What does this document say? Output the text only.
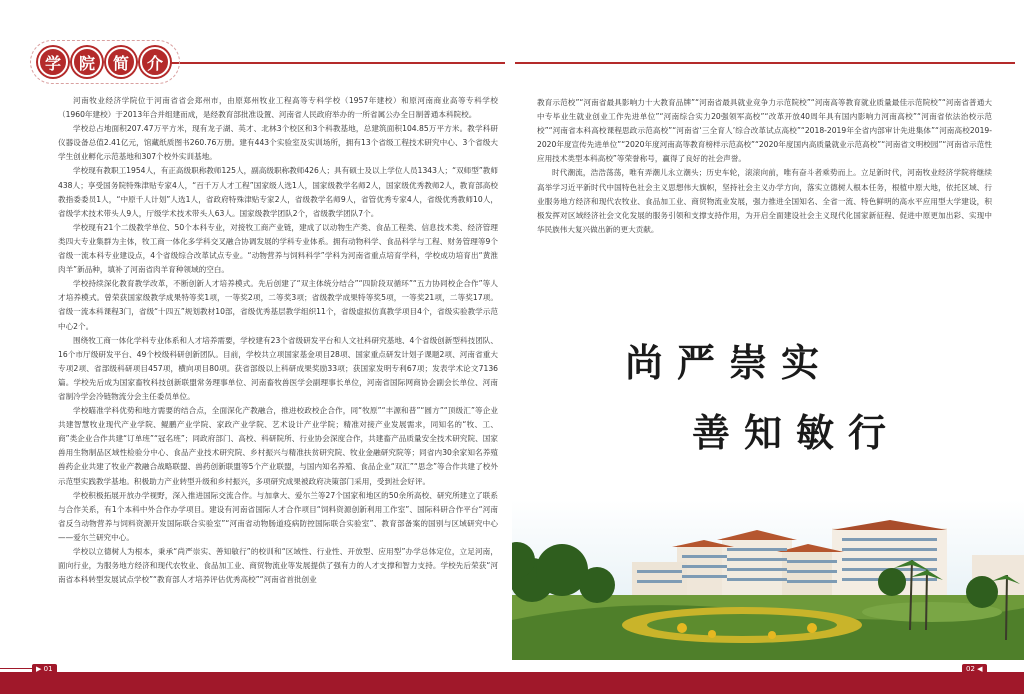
学	院	简	介

河南牧业经济学院位于河南省省会郑州市，由原郑州牧业工程高等专科学校（1957年建校）和原河南商业高等专科学校（1960年建校）于2013年合并组建而成，是经教育部批准设置、河南省人民政府举办的一所省属公办全日制普通本科院校。

学校总占地面积207.47万平方米，现有龙子湖、英才、北林3个校区和3个科教基地，总建筑面积104.85万平方米。教学科研仪器设备总值2.41亿元，馆藏纸质图书260.76万册。建有443个实验室及实训场所，拥有13个省级工程技术研究中心、3个省级大学生创业孵化示范基地和307个校外实训基地。

学校现有教职工1954人，有正高级职称教师125人，副高级职称教师426人；具有硕士及以上学位人员1343人；“双师型”教师438人；享受国务院特殊津贴专家4人，“百千万人才工程”国家级人选1人，国家级教学名师2人，国家级优秀教师2人，教育部高校教指委委员1人，“中原千人计划”人选1人，省政府特殊津贴专家2人，省级教学名师9人，省管优秀专家4人，省级优秀教师10人，省级学术技术带头人9人，厅级学术技术带头人63人。国家级教学团队2个，省级教学团队7个。

学校现有21个二级教学单位、50个本科专业，对接牧工商产业链，建成了以动物生产类、食品工程类、信息技术类、经济管理类四大专业集群为主体，牧工商一体化多学科交叉融合协调发展的学科专业体系。拥有动物科学、食品科学与工程、财务管理等9个省级一流本科专业建设点，4个省级综合改革试点专业。“动物营养与饲料科学”学科为河南省重点培育学科，学校成功培育出“黄淮肉羊”新品种，填补了河南省肉羊育种领域的空白。

学校持续深化教育教学改革，不断创新人才培养模式。先后创建了“双主体统分结合”“四阶段双循环”“五力协同校企合作”等人才培养模式。曾荣获国家级教学成果特等奖1项，一等奖2项，二等奖3项；省级教学成果特等奖5项，一等奖21项，二等奖17项。省级一流本科课程3门，省级“十四五”规划教材10部，省级优秀基层教学组织11个，省级虚拟仿真教学项目4个，省级实验教学示范中心2个。

围绕牧工商一体化学科专业体系和人才培养需要，学校建有23个省级研发平台和人文社科研究基地、4个省级创新型科技团队、16个市厅级研发平台、49个校级科研创新团队。目前，学校共立项国家基金项目28项、国家重点研发计划子课题2项、河南省重大专项2项、省部级科研项目457项，横向项目80项。获省部级以上科研成果奖励33项；获国家发明专利67项；发表学术论文7136篇。学校先后成为国家畜牧科技创新联盟常务理事单位、河南畜牧兽医学会副理事长单位，河南省国际网商协会副会长单位、河南省制冷学会冷链物流分会主任委员单位。

学校瞄准学科优势和地方需要的结合点，全面深化产教融合，推进校政校企合作，同“牧原”“丰源和普”“圆方”“顶级汇”等企业共建智慧牧业现代产业学院、鲲鹏产业学院、家政产业学院、艺术设计产业学院；精准对接产业发展需求，同知名的“牧、工、商”类企业合作共建“订单班”“冠名班”；同政府部门、高校、科研院所、行业协会深度合作，共建畜产品质量安全技术研究院、国家兽用生物制品区域性检验分中心、食品产业技术研究院、乡村振兴与精准扶贫研究院、牧业金融研究院等；同省内30余家知名养殖兽药企业共建了牧业产教融合战略联盟、兽药创新联盟等5个产业联盟，与国内知名养殖、食品企业“双汇”“思念”等合作共建了校外示范型实践教学基地。积极助力产业转型升级和乡村振兴，多项研究成果被政府决策部门采用，受到社会好评。

学校积极拓展开放办学视野，深入推进国际交流合作。与加拿大、爱尔兰等27个国家和地区的50余所高校、研究所建立了联系与合作关系，有1个本科中外合作办学项目。建设有河南省国际人才合作项目“饲料资源创新利用工作室”、国际科研合作平台“河南省反刍动物营养与饲料资源开发国际联合实验室”“河南省动物肠道疫病防控国际联合实验室”、教育部备案的国别与区域研究中心——爱尔兰研究中心。

学校以立德树人为根本，秉承“尚严崇实、善知敏行”的校训和“区域性、行业性、开放型、应用型”办学总体定位，立足河南，面向行业，为服务地方经济和现代农牧业、食品加工业、商贸物流业等发展提供了强有力的人才支撑和智力支持。学校先后荣获“河南省本科转型发展试点学校”“教育部人才培养评估优秀高校”“河南省首批创业

教育示范校”“河南省最具影响力十大教育品牌”“河南省最具就业竞争力示范院校”“河南高等教育就业质量最佳示范院校”“河南省普通大中专毕业生就业创业工作先进单位”“河南综合实力20强领军高校”“改革开放40周年具有国内影响力河南高校”“河南省依法治校示范校”“河南省本科高校课程思政示范高校”“河南省‘三全育人’综合改革试点高校”“2018-2019年全省内部审计先进集体”“河南高校2019-2020年度宣传先进单位”“2020年度河南高等教育榜样示范高校”“2020年度国内高质量就业示范高校”“河南省文明校园”“河南省示范性应用技术类型本科高校”等荣誉称号，赢得了良好的社会声誉。

时代潮流，浩浩荡荡，唯有弄潮儿永立潮头；历史车轮，滚滚向前，唯有奋斗者乘势而上。立足新时代，河南牧业经济学院将继续高举学习近平新时代中国特色社会主义思想伟大旗帜，坚持社会主义办学方向，落实立德树人根本任务，根植中原大地，依托区域、行业服务地方经济和现代农牧业、食品加工业、商贸物流业发展，强力推进全国知名、全省一流、特色鲜明的高水平应用型大学建设，积极发挥对区域经济社会文化发展的服务引领和支撑支持作用，为开启全面建设社会主义现代化国家新征程、促进中原更加出彩、实现中华民族伟大复兴做出新的更大贡献。

尚严崇实
善知敏行
▶ 01	02 ◀
